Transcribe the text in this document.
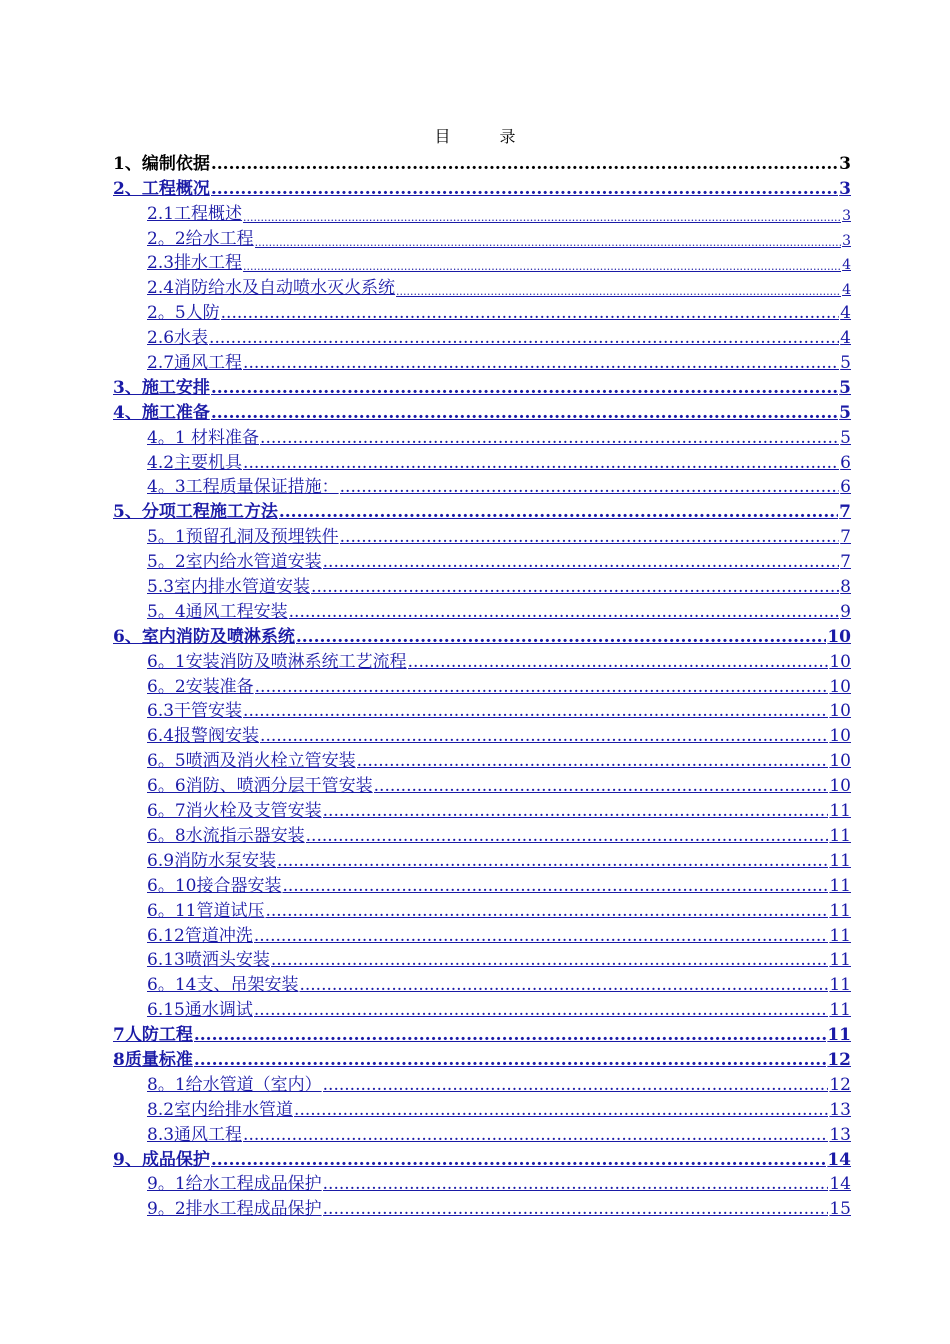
目 录
1、编制依据 .....	3
2、工程概况 .....	3
2.1工程概述 .....	3
2。2给水工程 .....	3
2.3排水工程 .....	4
2.4消防给水及自动喷水灭火系统 .....	4
2。5人防 .....	4
2.6水表 .....	4
2.7通风工程 .....	5
3、施工安排 .....	5
4、施工准备 .....	5
4。1 材料准备 .....	5
4.2主要机具 .....	6
4。3工程质量保证措施： .....	6
5、分项工程施工方法 .....	7
5。1预留孔洞及预埋铁件 .....	7
5。2室内给水管道安装 .....	7
5.3室内排水管道安装 .....	8
5。4通风工程安装 .....	9
6、室内消防及喷淋系统 .....	10
6。1安装消防及喷淋系统工艺流程 .....	10
6。2安装准备 .....	10
6.3干管安装 .....	10
6.4报警阀安装 .....	10
6。5喷洒及消火栓立管安装 .....	10
6。6消防、喷洒分层干管安装 .....	10
6。7消火栓及支管安装 .....	11
6。8水流指示器安装 .....	11
6.9消防水泵安装 .....	11
6。10接合器安装 .....	11
6。11管道试压 .....	11
6.12管道冲洗 .....	11
6.13喷洒头安装 .....	11
6。14支、吊架安装 .....	11
6.15通水调试 .....	11
7人防工程 .....	11
8质量标准 .....	12
8。1给水管道（室内） .....	12
8.2室内给排水管道 .....	13
8.3通风工程 .....	13
9、成品保护 .....	14
9。1给水工程成品保护 .....	14
9。2排水工程成品保护 .....	15
